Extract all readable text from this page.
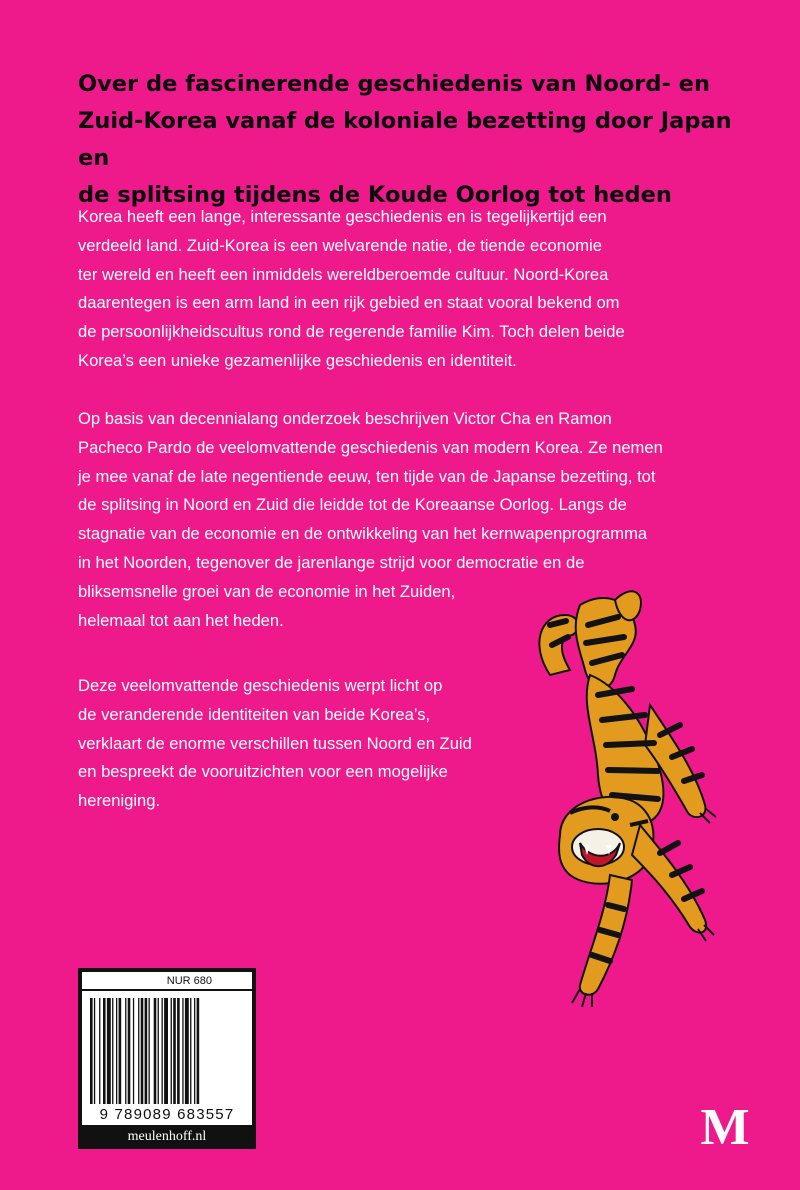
Over de fascinerende geschiedenis van Noord- en
Zuid-Korea vanaf de koloniale bezetting door Japan en
de splitsing tijdens de Koude Oorlog tot heden
Korea heeft een lange, interessante geschiedenis en is tegelijkertijd een
verdeeld land. Zuid-Korea is een welvarende natie, de tiende economie
ter wereld en heeft een inmiddels wereldberoemde cultuur. Noord-Korea
daarentegen is een arm land in een rijk gebied en staat vooral bekend om
de persoonlijkheidscultus rond de regerende familie Kim. Toch delen beide
Korea’s een unieke gezamenlijke geschiedenis en identiteit.
Op basis van decennialang onderzoek beschrijven Victor Cha en Ramon
Pacheco Pardo de veelomvattende geschiedenis van modern Korea. Ze nemen
je mee vanaf de late negentiende eeuw, ten tijde van de Japanse bezetting, tot
de splitsing in Noord en Zuid die leidde tot de Koreaanse Oorlog. Langs de
stagnatie van de economie en de ontwikkeling van het kernwapenprogramma
in het Noorden, tegenover de jarenlange strijd voor democratie en de
bliksemsnelle groei van de economie in het Zuiden,
helemaal tot aan het heden.
Deze veelomvattende geschiedenis werpt licht op
de veranderende identiteiten van beide Korea’s,
verklaart de enorme verschillen tussen Noord en Zuid
en bespreekt de vooruitzichten voor een mogelijke
hereniging.
NUR 680
9 789089 683557
meulenhoff.nl	M
